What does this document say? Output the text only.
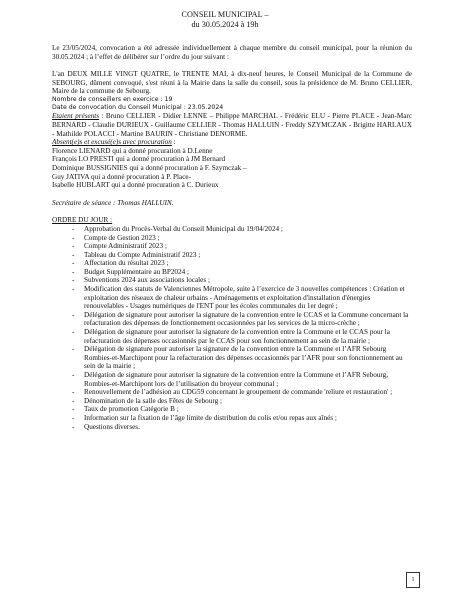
CONSEIL MUNICIPAL –
du 30.05.2024 à 19h

Le 23/05/2024, convocation a été adressée individuellement à chaque membre du conseil municipal, pour la réunion du 30.05.2024 ; à l’effet de délibérer sur l’ordre du jour suivant :

L'an DEUX MILLE VINGT QUATRE, le TRENTE MAI, à dix-neuf heures, le Conseil Municipal de la Commune de SEBOURG, dûment convoqué, s'est réuni à la Mairie dans la salle du conseil, sous la présidence de M. Bruno CELLIER, Maire de la commune de Sebourg.

Nombre de conseillers en exercice : 19

Date de convocation du Conseil Municipal : 23.05.2024

Etaient présents : Bruno CELLIER - Didier LENNE – Philippe MARCHAL - Frédéric ELU - Pierre PLACE - Jean-Marc BERNARD - Claudie DURIEUX - Guillaume CELLIER - Thomas HALLUIN - Freddy SZYMCZAK - Brigitte HARLAUX - Mathilde POLACCI - Martine BAURIN - Christiane DENORME.

Absent(e)s et excusé(e)s avec procuration :

Florence LIENARD qui a donné procuration à D.Lenne
François LO PRESTI qui a donné procuration à JM Bernard
Dominique BUSSIGNIES qui a donné procuration à F. Szymczak –
Guy JATIVA qui a donné procuration à P. Place-
Isabelle HUBLART qui a donné procuration à C. Durieux

Secrétaire de séance : Thomas HALLUIN.

ORDRE DU JOUR :

- Approbation du Procès-Verbal du Conseil Municipal du 19/04/2024 ;
- Compte de Gestion 2023 ;
- Compte Administratif 2023 ;
- Tableau du Compte Administratif 2023 ;
- Affectation du résultat 2023 ;
- Budget Supplémentaire au BP2024 ;
- Subventions 2024 aux associations locales ;
- Modification des statuts de Valenciennes Métropole, suite à l’exercice de 3 nouvelles compétences : Création et exploitation des réseaux de chaleur urbains - Aménagements et exploitation d'installation d'énergies renouvelables - Usages numériques de l'ENT pour les écoles communales du 1er degré ;
- Délégation de signature pour autoriser la signature de la convention entre le CCAS et la Commune concernant la refacturation des dépenses de fonctionnement occasionnées par les services de la micro-crèche ;
- Délégation de signature pour autoriser la signature de la convention entre la Commune et le CCAS pour la refacturation des dépenses occasionnés par le CCAS pour son fonctionnement au sein de la mairie ;
- Délégation de signature pour autoriser la signature de la convention entre la Commune et l’AFR Sebourg Rombies-et-Marchipont pour la refacturation des dépenses occasionnés par l’AFR pour son fonctionnement au sein de la mairie ;
- Délégation de signature pour autoriser la signature de la convention entre la Commune et l’AFR Sebourg, Rombies-et-Marchipont lors de l’utilisation du broyeur communal ;
- Renouvellement de l’adhésion au CDG59 concernant le groupement de commande 'reliure et restauration' ;
- Dénomination de la salle des Fêtes de Sebourg ;
- Taux de promotion Catégorie B ;
- Information sur la fixation de l’âge limite de distribution du colis et/ou repas aux aînés ;
- Questions diverses.
1
